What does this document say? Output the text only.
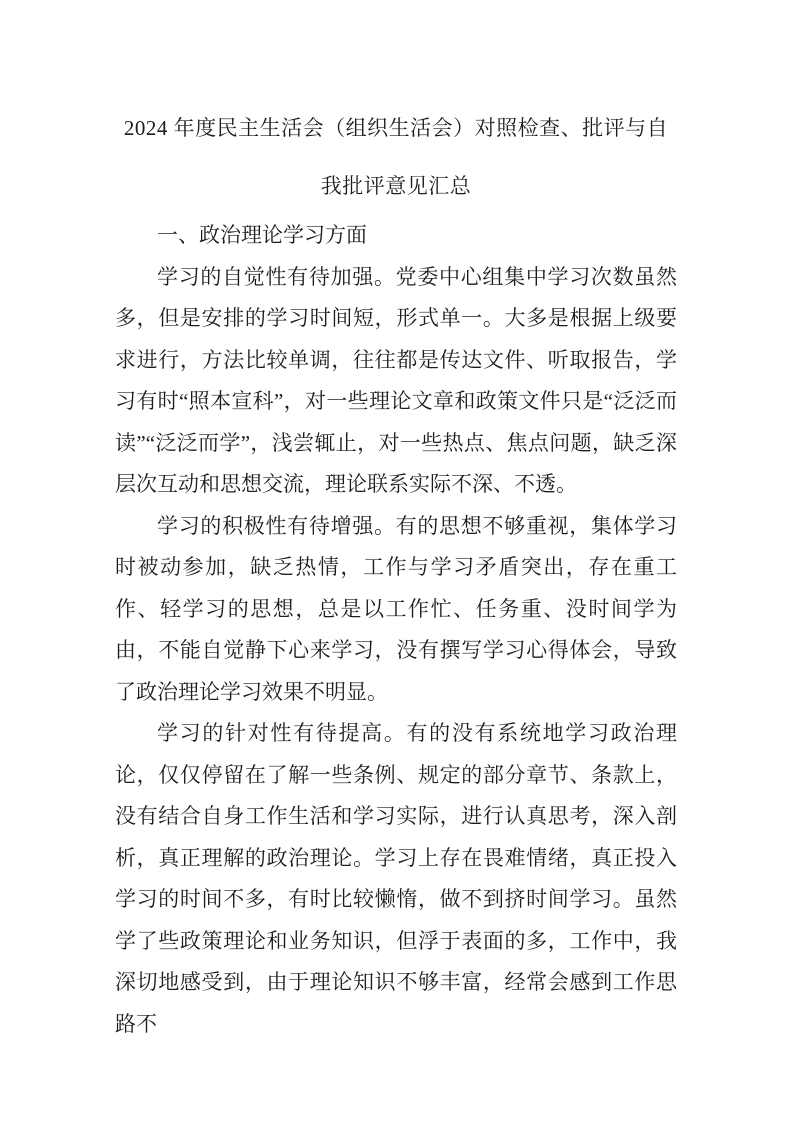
2024 年度民主生活会（组织生活会）对照检查、批评与自我批评意见汇总
一、政治理论学习方面

学习的自觉性有待加强。党委中心组集中学习次数虽然多，但是安排的学习时间短，形式单一。大多是根据上级要求进行，方法比较单调，往往都是传达文件、听取报告，学习有时“照本宣科”，对一些理论文章和政策文件只是“泛泛而读”“泛泛而学”，浅尝辄止，对一些热点、焦点问题，缺乏深层次互动和思想交流，理论联系实际不深、不透。

学习的积极性有待增强。有的思想不够重视，集体学习时被动参加，缺乏热情，工作与学习矛盾突出，存在重工作、轻学习的思想，总是以工作忙、任务重、没时间学为由，不能自觉静下心来学习，没有撰写学习心得体会，导致了政治理论学习效果不明显。

学习的针对性有待提高。有的没有系统地学习政治理论，仅仅停留在了解一些条例、规定的部分章节、条款上，没有结合自身工作生活和学习实际，进行认真思考，深入剖析，真正理解的政治理论。学习上存在畏难情绪，真正投入学习的时间不多，有时比较懒惰，做不到挤时间学习。虽然学了些政策理论和业务知识，但浮于表面的多，工作中，我深切地感受到，由于理论知识不够丰富，经常会感到工作思路不
